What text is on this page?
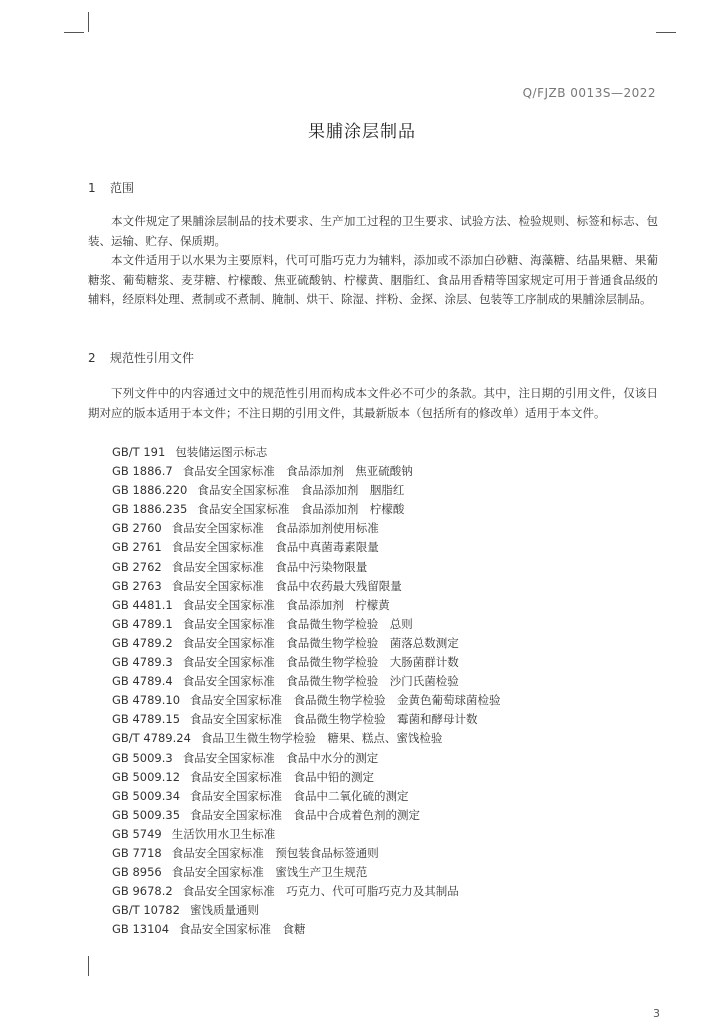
Q/FJZB 0013S—2022
果脯涂层制品
1 范围
本文件规定了果脯涂层制品的技术要求、生产加工过程的卫生要求、试验方法、检验规则、标签和标志、包装、运输、贮存、保质期。
本文件适用于以水果为主要原料，代可可脂巧克力为辅料，添加或不添加白砂糖、海藻糖、结晶果糖、果葡糖浆、葡萄糖浆、麦芽糖、柠檬酸、焦亚硫酸钠、柠檬黄、胭脂红、食品用香精等国家规定可用于普通食品级的辅料，经原料处理、煮制或不煮制、腌制、烘干、除湿、拌粉、金探、涂层、包装等工序制成的果脯涂层制品。
2 规范性引用文件
下列文件中的内容通过文中的规范性引用而构成本文件必不可少的条款。其中，注日期的引用文件，仅该日期对应的版本适用于本文件；不注日期的引用文件，其最新版本（包括所有的修改单）适用于本文件。
GB/T 191 包装储运图示标志
GB 1886.7 食品安全国家标准　食品添加剂　焦亚硫酸钠
GB 1886.220 食品安全国家标准　食品添加剂　胭脂红
GB 1886.235 食品安全国家标准　食品添加剂　柠檬酸
GB 2760 食品安全国家标准　食品添加剂使用标准
GB 2761 食品安全国家标准　食品中真菌毒素限量
GB 2762 食品安全国家标准　食品中污染物限量
GB 2763 食品安全国家标准　食品中农药最大残留限量
GB 4481.1 食品安全国家标准　食品添加剂　柠檬黄
GB 4789.1 食品安全国家标准　食品微生物学检验　总则
GB 4789.2 食品安全国家标准　食品微生物学检验　菌落总数测定
GB 4789.3 食品安全国家标准　食品微生物学检验　大肠菌群计数
GB 4789.4 食品安全国家标准　食品微生物学检验　沙门氏菌检验
GB 4789.10 食品安全国家标准　食品微生物学检验　金黄色葡萄球菌检验
GB 4789.15 食品安全国家标准　食品微生物学检验　霉菌和酵母计数
GB/T 4789.24 食品卫生微生物学检验　糖果、糕点、蜜饯检验
GB 5009.3 食品安全国家标准　食品中水分的测定
GB 5009.12 食品安全国家标准　食品中铅的测定
GB 5009.34 食品安全国家标准　食品中二氧化硫的测定
GB 5009.35 食品安全国家标准　食品中合成着色剂的测定
GB 5749 生活饮用水卫生标准
GB 7718 食品安全国家标准　预包装食品标签通则
GB 8956 食品安全国家标准　蜜饯生产卫生规范
GB 9678.2 食品安全国家标准　巧克力、代可可脂巧克力及其制品
GB/T 10782 蜜饯质量通则
GB 13104 食品安全国家标准　食糖
3
